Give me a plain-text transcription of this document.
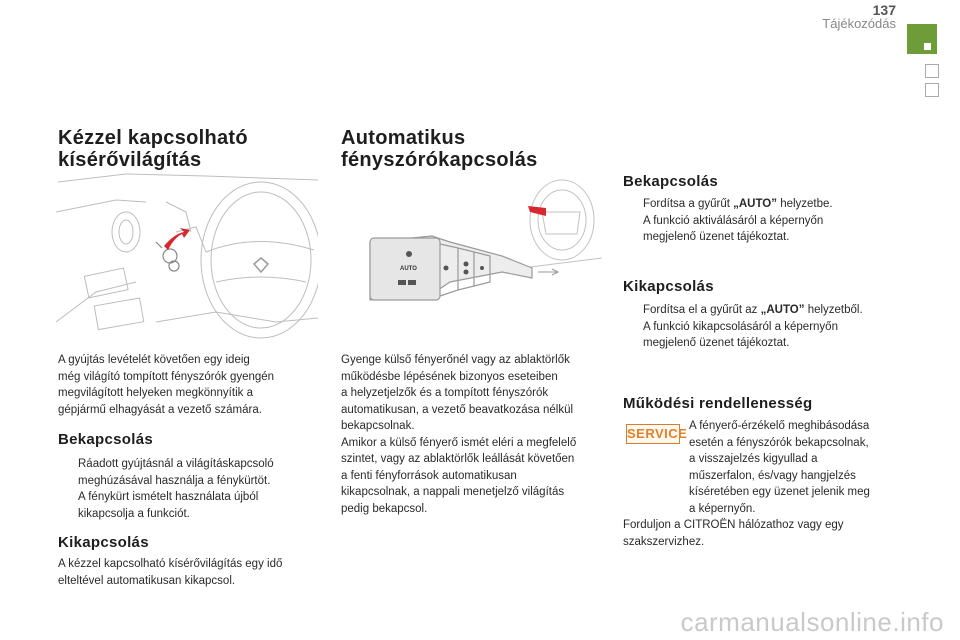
137
Tájékozódás
Kézzel kapcsolható
kísérővilágítás
A gyújtás levételét követően egy ideig
még világító tompított fényszórók gyengén
megvilágított helyeken megkönnyítik a
gépjármű elhagyását a vezető számára.
Bekapcsolás
Ráadott gyújtásnál a világításkapcsoló
meghúzásával használja a fénykürtöt.
A fénykürt ismételt használata újból
kikapcsolja a funkciót.
Kikapcsolás
A kézzel kapcsolható kísérővilágítás egy idő
elteltével automatikusan kikapcsol.
Automatikus
fényszórókapcsolás
AUTO
Gyenge külső fényerőnél vagy az ablaktörlők
működésbe lépésének bizonyos eseteiben
a helyzetjelzők és a tompított fényszórók
automatikusan, a vezető beavatkozása nélkül
bekapcsolnak.
Amikor a külső fényerő ismét eléri a megfelelő
szintet, vagy az ablaktörlők leállását követően
a fenti fényforrások automatikusan
kikapcsolnak, a nappali menetjelző világítás
pedig bekapcsol.
Bekapcsolás
Fordítsa a gyűrűt „AUTO” helyzetbe.
A funkció aktiválásáról a képernyőn
megjelenő üzenet tájékoztat.
Kikapcsolás
Fordítsa el a gyűrűt az „AUTO” helyzetből.
A funkció kikapcsolásáról a képernyőn
megjelenő üzenet tájékoztat.
Működési rendellenesség
SERVICE A fényerő-érzékelő meghibásodása
esetén a fényszórók bekapcsolnak,
a visszajelzés kigyullad a
műszerfalon, és/vagy hangjelzés
kíséretében egy üzenet jelenik meg
a képernyőn.
Forduljon a CITROËN hálózathoz vagy egy
szakszervizhez.
carmanualsonline.info
